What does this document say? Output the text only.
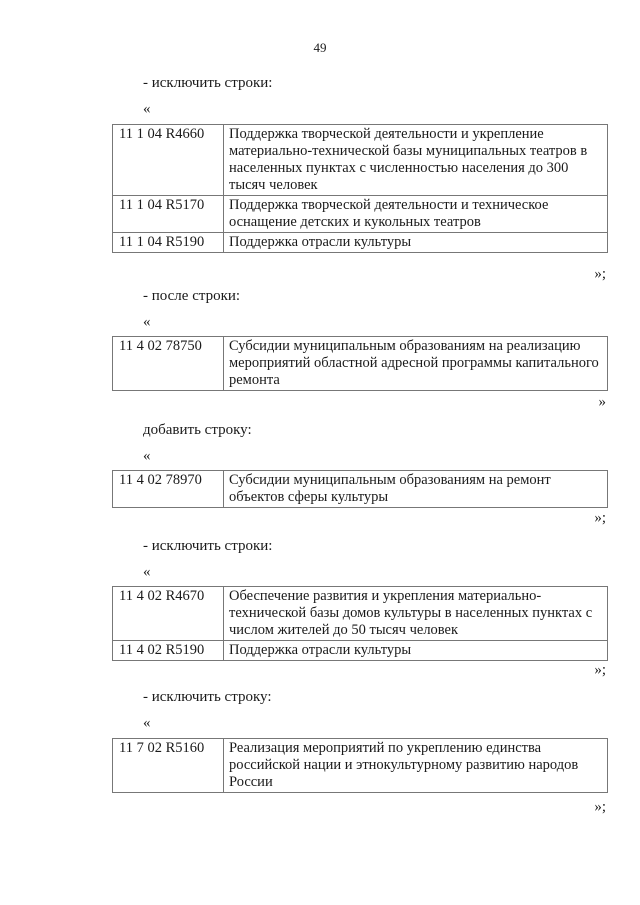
49
- исключить строки:
«
11 1 04 R4660	Поддержка творческой деятельности и укрепление материально-технической базы муниципальных театров в населенных пунктах с численностью населения до 300 тысяч человек
11 1 04 R5170	Поддержка творческой деятельности и техническое оснащение детских и кукольных театров
11 1 04 R5190	Поддержка отрасли культуры
»;
- после строки:
«
11 4 02 78750	Субсидии муниципальным образованиям на реализацию мероприятий областной адресной программы капитального ремонта
»
добавить строку:
«
11 4 02 78970	Субсидии муниципальным образованиям на ремонт объектов сферы культуры
»;
- исключить строки:
«
11 4 02 R4670	Обеспечение развития и укрепления материально-технической базы домов культуры в населенных пунктах с числом жителей до 50 тысяч человек
11 4 02 R5190	Поддержка отрасли культуры
»;
- исключить строку:
«
11 7 02 R5160	Реализация мероприятий по укреплению единства российской нации и этнокультурному развитию народов России
»;
